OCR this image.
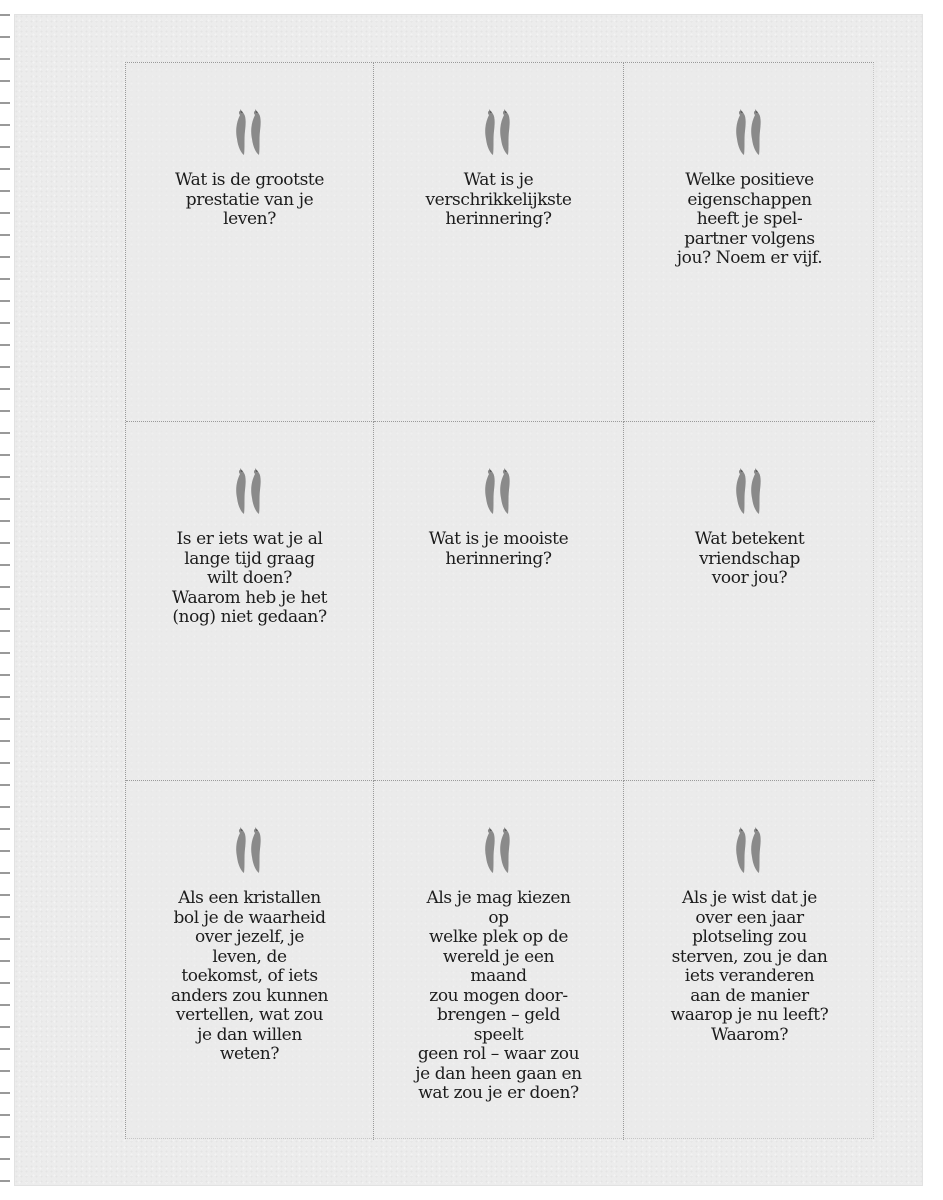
Wat is de grootste
prestatie van je
leven?
Wat is je
verschrikkelijkste
herinnering?
Welke positieve
eigenschappen
heeft je spel-
partner volgens
jou? Noem er vijf.
Is er iets wat je al
lange tijd graag
wilt doen?
Waarom heb je het
(nog) niet gedaan?
Wat is je mooiste
herinnering?
Wat betekent
vriendschap
voor jou?
Als een kristallen
bol je de waarheid
over jezelf, je
leven, de
toekomst, of iets
anders zou kunnen
vertellen, wat zou
je dan willen
weten?
Als je mag kiezen op
welke plek op de
wereld je een maand
zou mogen door-
brengen – geld speelt
geen rol – waar zou
je dan heen gaan en
wat zou je er doen?
Als je wist dat je
over een jaar
plotseling zou
sterven, zou je dan
iets veranderen
aan de manier
waarop je nu leeft?
Waarom?
